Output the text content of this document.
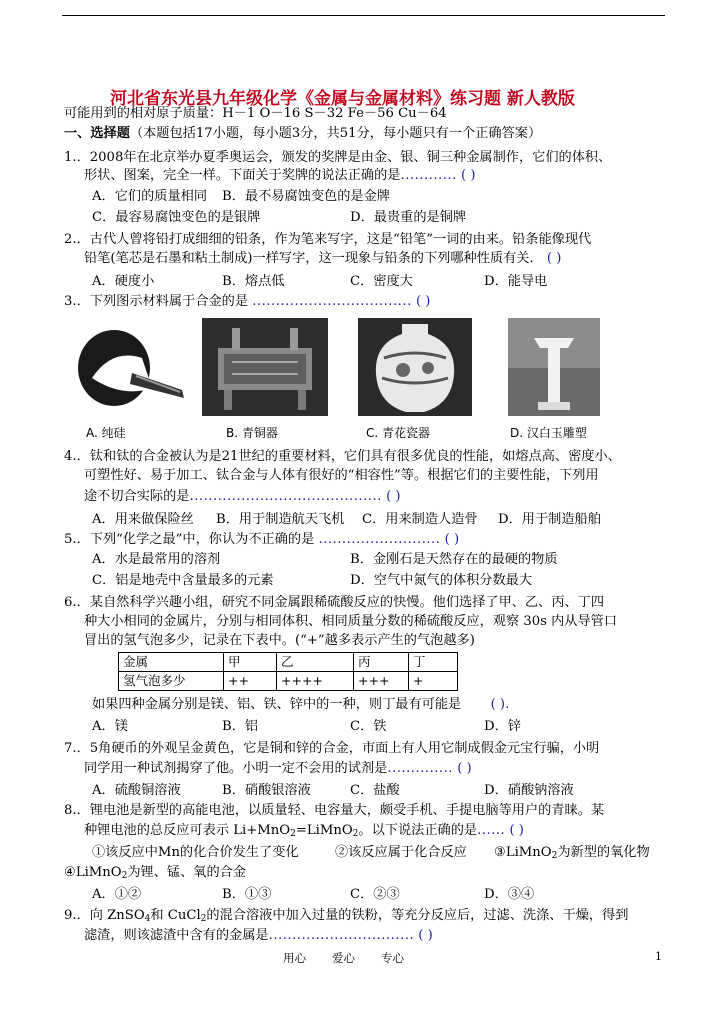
河北省东光县九年级化学《金属与金属材料》练习题 新人教版
可能用到的相对原子质量：H－1 O－16 S－32 Fe－56 Cu－64
一、选择题（本题包括17小题，每小题3分，共51分，每小题只有一个正确答案）
1.．2008年在北京举办夏季奥运会，颁发的奖牌是由金、银、铜三种金属制作，它们的体积、
形状、图案，完全一样。下面关于奖牌的说法正确的是............ ( )
A．它们的质量相同 B．最不易腐蚀变色的是金牌
C．最容易腐蚀变色的是银牌	D．最贵重的是铜牌
2.．古代人曾将铅打成细细的铅条，作为笔来写字，这是“铅笔”一词的由来。铅条能像现代
铅笔(笔芯是石墨和粘土制成)一样写字，这一现象与铅条的下列哪种性质有关． ( )
A．硬度小	B．熔点低	C．密度大	D．能导电
3.．下列图示材料属于合金的是 .................................. ( )
A. 纯硅	B. 青铜器	C. 青花瓷器	D. 汉白玉雕塑
4.．钛和钛的合金被认为是21世纪的重要材料，它们具有很多优良的性能，如熔点高、密度小、
可塑性好、易于加工、钛合金与人体有很好的“相容性”等。根据它们的主要性能，下列用
途不切合实际的是......................................... ( )
A．用来做保险丝 B．用于制造航天飞机 C．用来制造人造骨 D．用于制造船舶
5.．下列“化学之最”中，你认为不正确的是 .......................... ( )
A．水是最常用的溶剂	B．金刚石是天然存在的最硬的物质
C．铝是地壳中含量最多的元素	D．空气中氮气的体积分数最大
6.．某自然科学兴趣小组，研究不同金属跟稀硫酸反应的快慢。他们选择了甲、乙、丙、丁四
种大小相同的金属片，分别与相同体积、相同质量分数的稀硫酸反应，观察 30s 内从导管口
冒出的氢气泡多少，记录在下表中。(“+”越多表示产生的气泡越多)
金属	甲	乙	丙	丁
氢气泡多少	++	++++	+++	+
如果四种金属分别是镁、铝、铁、锌中的一种，则丁最有可能是 ( ).
A．镁	B．铝	C．铁	D．锌
7.．5角硬币的外观呈金黄色，它是铜和锌的合金，市面上有人用它制成假金元宝行骗，小明
同学用一种试剂揭穿了他。小明一定不会用的试剂是.............. ( )
A．硫酸铜溶液	B．硝酸银溶液	C．盐酸	D．硝酸钠溶液
8.．锂电池是新型的高能电池，以质量轻、电容量大，颇受手机、手提电脑等用户的青睐。某
种锂电池的总反应可表示 Li+MnO$_2$=LiMnO$_2$。以下说法正确的是...... ( )
①该反应中Mn的化合价发生了变化	②该反应属于化合反应 ③LiMnO$_2$为新型的氧化物
④LiMnO$_2$为锂、锰、氧的合金
A．①②	B．①③	C．②③	D．③④
9.．向 ZnSO$_4$和 CuCl$_2$的混合溶液中加入过量的铁粉，等充分反应后，过滤、洗涤、干燥，得到
滤渣，则该滤渣中含有的金属是............................... ( )
用心 爱心 专心	1
